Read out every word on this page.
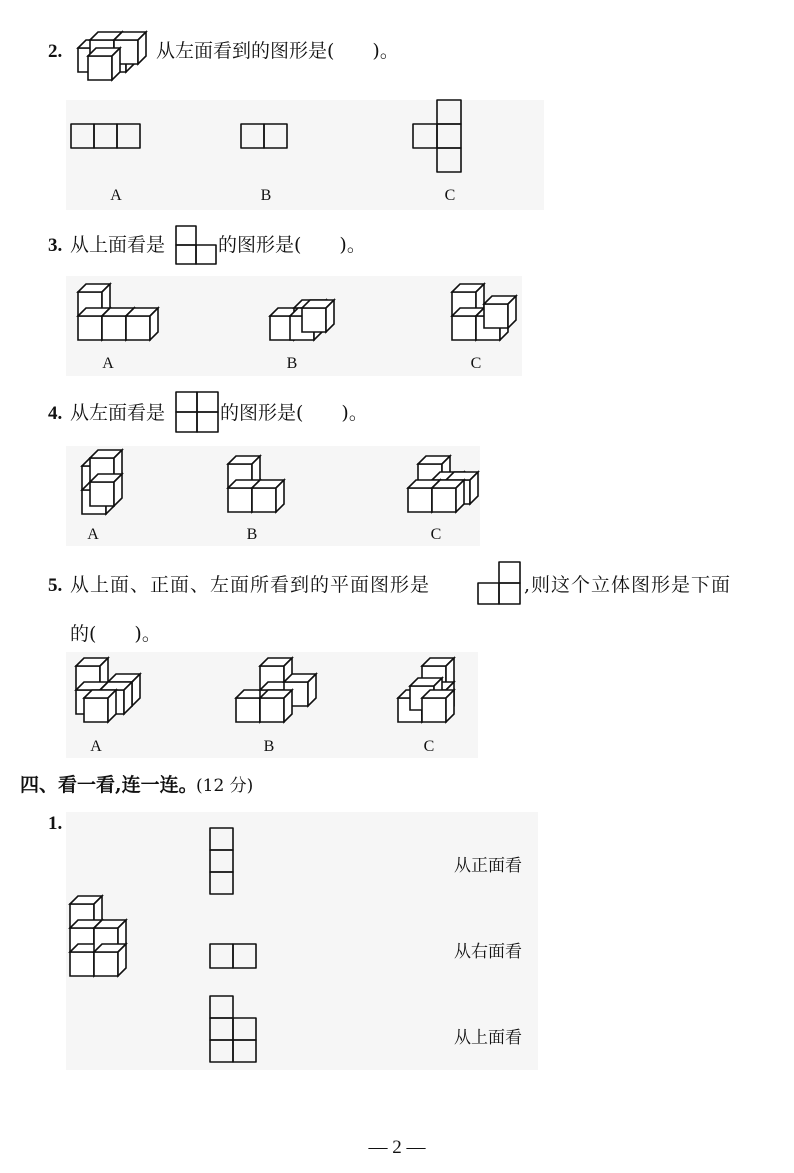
2.	从左面看到的图形是(　　)。
A	B	C
3. 从上面看是	的图形是(　　)。
A	B	C
4. 从左面看是	的图形是(　　)。
A	B	C
5. 从上面、正面、左面所看到的平面图形是	,则这个立体图形是下面
的(　　)。
A	B	C
四、看一看,连一连。
(12 分)
1.
从正面看
从右面看
从上面看
— 2 —
